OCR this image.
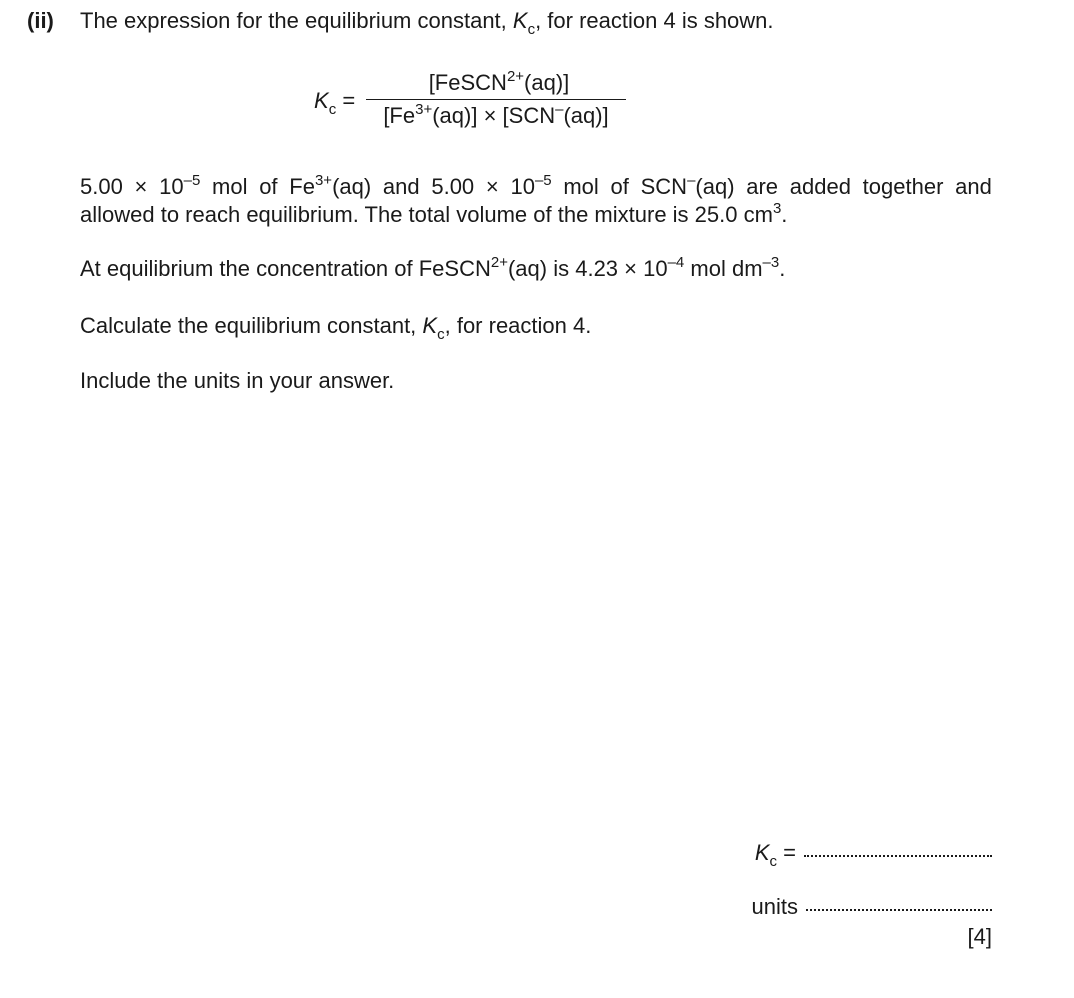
(ii) The expression for the equilibrium constant, $K_c$, for reaction 4 is shown.
$K_c$ =
[FeSCN$^{2+}$(aq)]
$[Fe^{3+}(aq)] \times [SCN^-(aq)]$
$5.00 \times 10^{-5}$ mol of $Fe^{3+}(aq)$ and $5.00 \times 10^{-5}$ mol of SCN–(aq) are added together and
allowed to reach equilibrium. The total volume of the mixture is 25.0 $cm^3$.
At equilibrium the concentration of FeSCN$^{2+}$(aq) is $4.23 \times 10^{-4}$ mol $dm^{-3}$.
Calculate the equilibrium constant, $K_c$, for reaction 4.
Include the units in your answer.
$K_c$ =
units
[4]
